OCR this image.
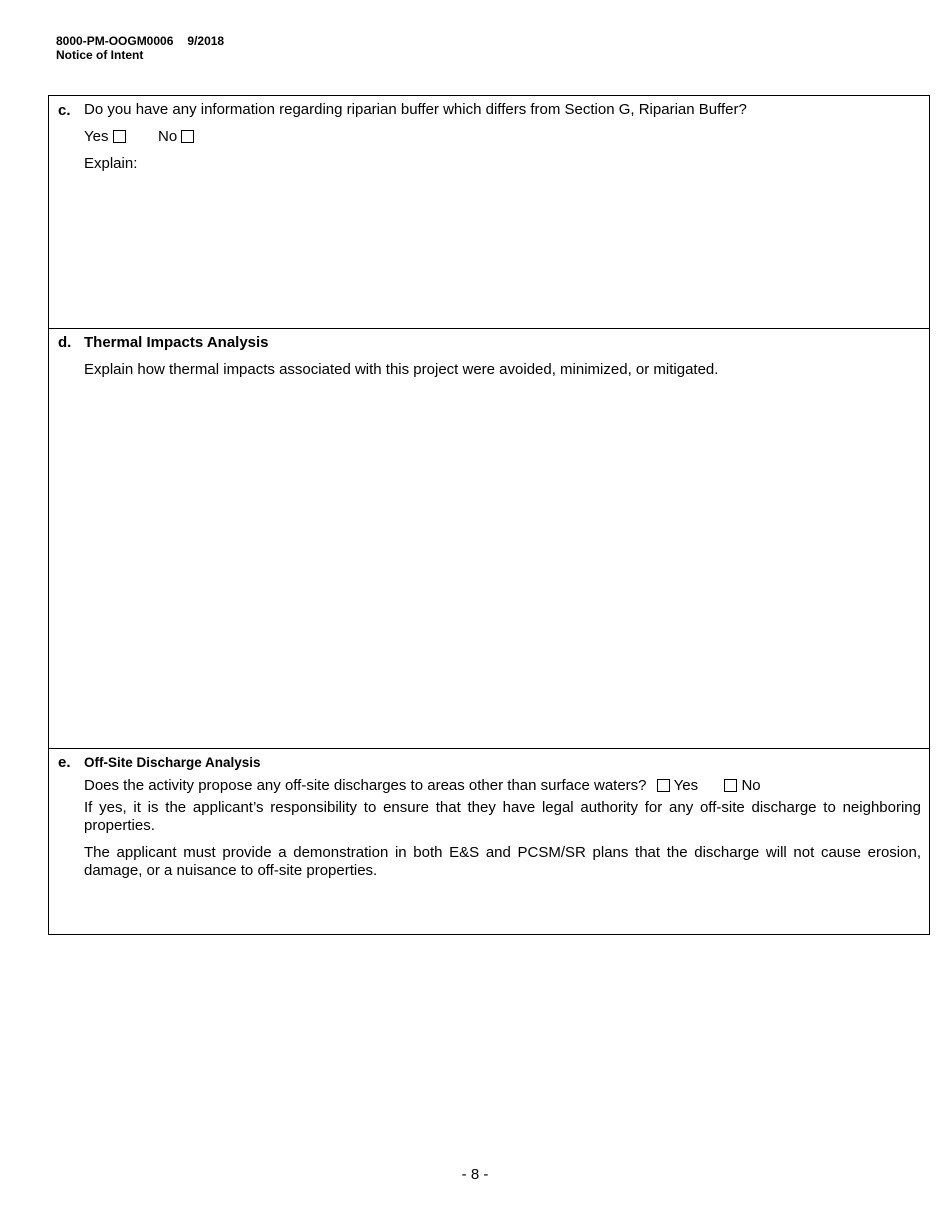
8000-PM-OOGM0006 9/2018
Notice of Intent
c. Do you have any information regarding riparian buffer which differs from Section G, Riparian Buffer?

Yes	No

Explain:

d. Thermal Impacts Analysis

Explain how thermal impacts associated with this project were avoided, minimized, or mitigated.

e. Off-Site Discharge Analysis

Does the activity propose any off-site discharges to areas other than surface waters? Yes	No

If yes, it is the applicant’s responsibility to ensure that they have legal authority for any off-site discharge to neighboring properties.

The applicant must provide a demonstration in both E&S and PCSM/SR plans that the discharge will not cause erosion, damage, or a nuisance to off-site properties.

- 8 -
